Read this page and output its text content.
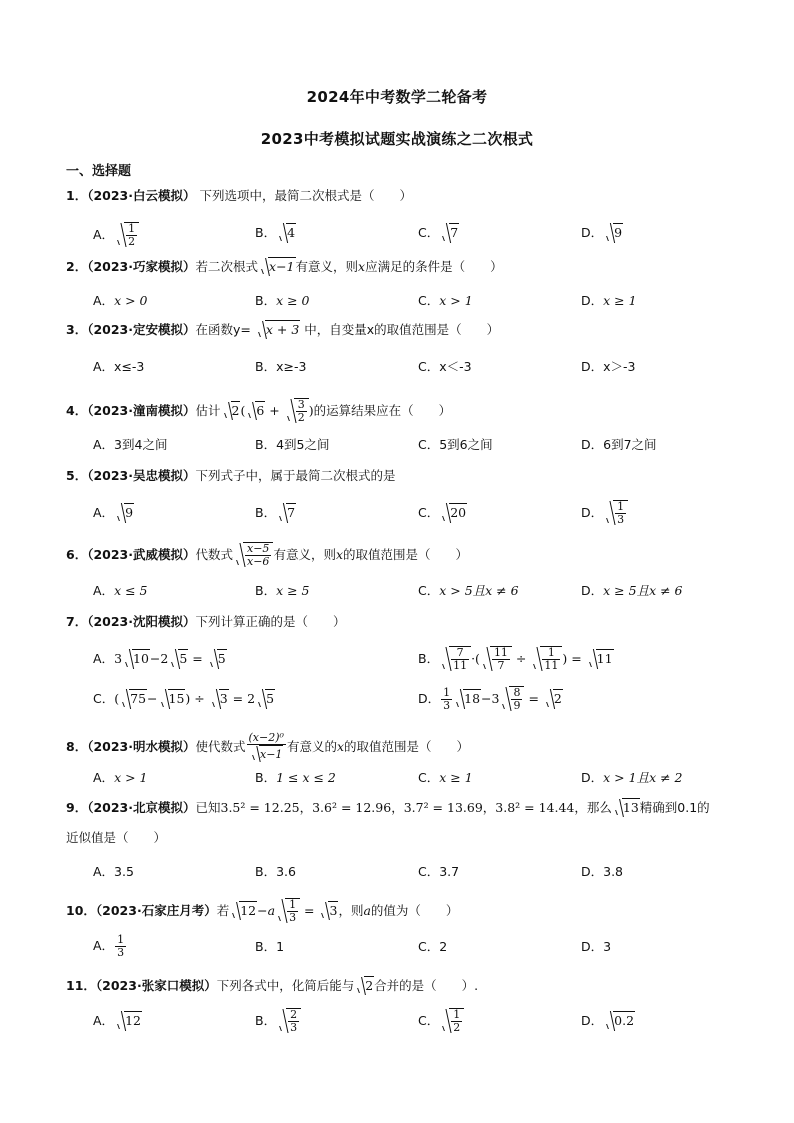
2024年中考数学二轮备考
2023中考模拟试题实战演练之二次根式
一、选择题
1．（2023·白云模拟） 下列选项中，最简二次根式是（　　）
A． $\frac{1}{2}$	B． 4	C． 7	D． 9
2．（2023·巧家模拟）若二次根式 x−1有意义，则x应满足的条件是（　　）
A．x > 0	B．x ≥ 0	C．x > 1	D．x ≥ 1
3．（2023·定安模拟）在函数y= x + 3 中，自变量x的取值范围是（　　）
A．x≤-3	B．x≥-3	C．x＜-3	D．x＞-3
4．（2023·潼南模拟）估计 2( $6 + \frac{3}{2}$ )的运算结果应在（　　）
A．3到4之间	B．4到5之间	C．5到6之间	D．6到7之间
5．（2023·吴忠模拟）下列式子中，属于最简二次根式的是
A． 9	B． 7	C． 20	D． $\frac{1}{3}$
6．（2023·武威模拟）代数式 $\frac{x-5}{x-6}$ 有意义，则x的取值范围是（　　）
A．x ≤ 5	B．x ≥ 5	C．x > 5且x ≠ 6	D．x ≥ 5且x ≠ 6
7．（2023·沈阳模拟）下列计算正确的是（　　）
A．3 10−2 5 = 5	B． $\frac{7}{11}$ ·( $\frac{11}{7} \div \frac{1}{11}$ ) = 11
C．( 75− 15) ÷ 3 = 2 5	D． $\frac{1}{3} 18-3 \frac{8}{9} = 2$
8．（2023·明水模拟）使代数式 $\frac{\text{(x−2)⁰}}{x-1}$ 有意义的x的取值范围是（　　）
A．x > 1	B．1 ≤ x ≤ 2	C．x ≥ 1	D．x > 1且x ≠ 2
9．（2023·北京模拟）已知3.5² = 12.25，3.6² = 12.96，3.7² = 13.69，3.8² = 14.44，那么 13精确到0.1的
近似值是（　　）
A．3.5	B．3.6	C．3.7	D．3.8
10．（2023·石家庄月考）若 $12-a \frac{1}{3} = 3$，则a的值为（　　）
A． $\frac{1}{3}$	B．1	C．2	D．3
11．（2023·张家口模拟）下列各式中，化简后能与 2合并的是（　　）.
A． 12	B． $\frac{2}{3}$	C． $\frac{1}{2}$	D． 0.2
